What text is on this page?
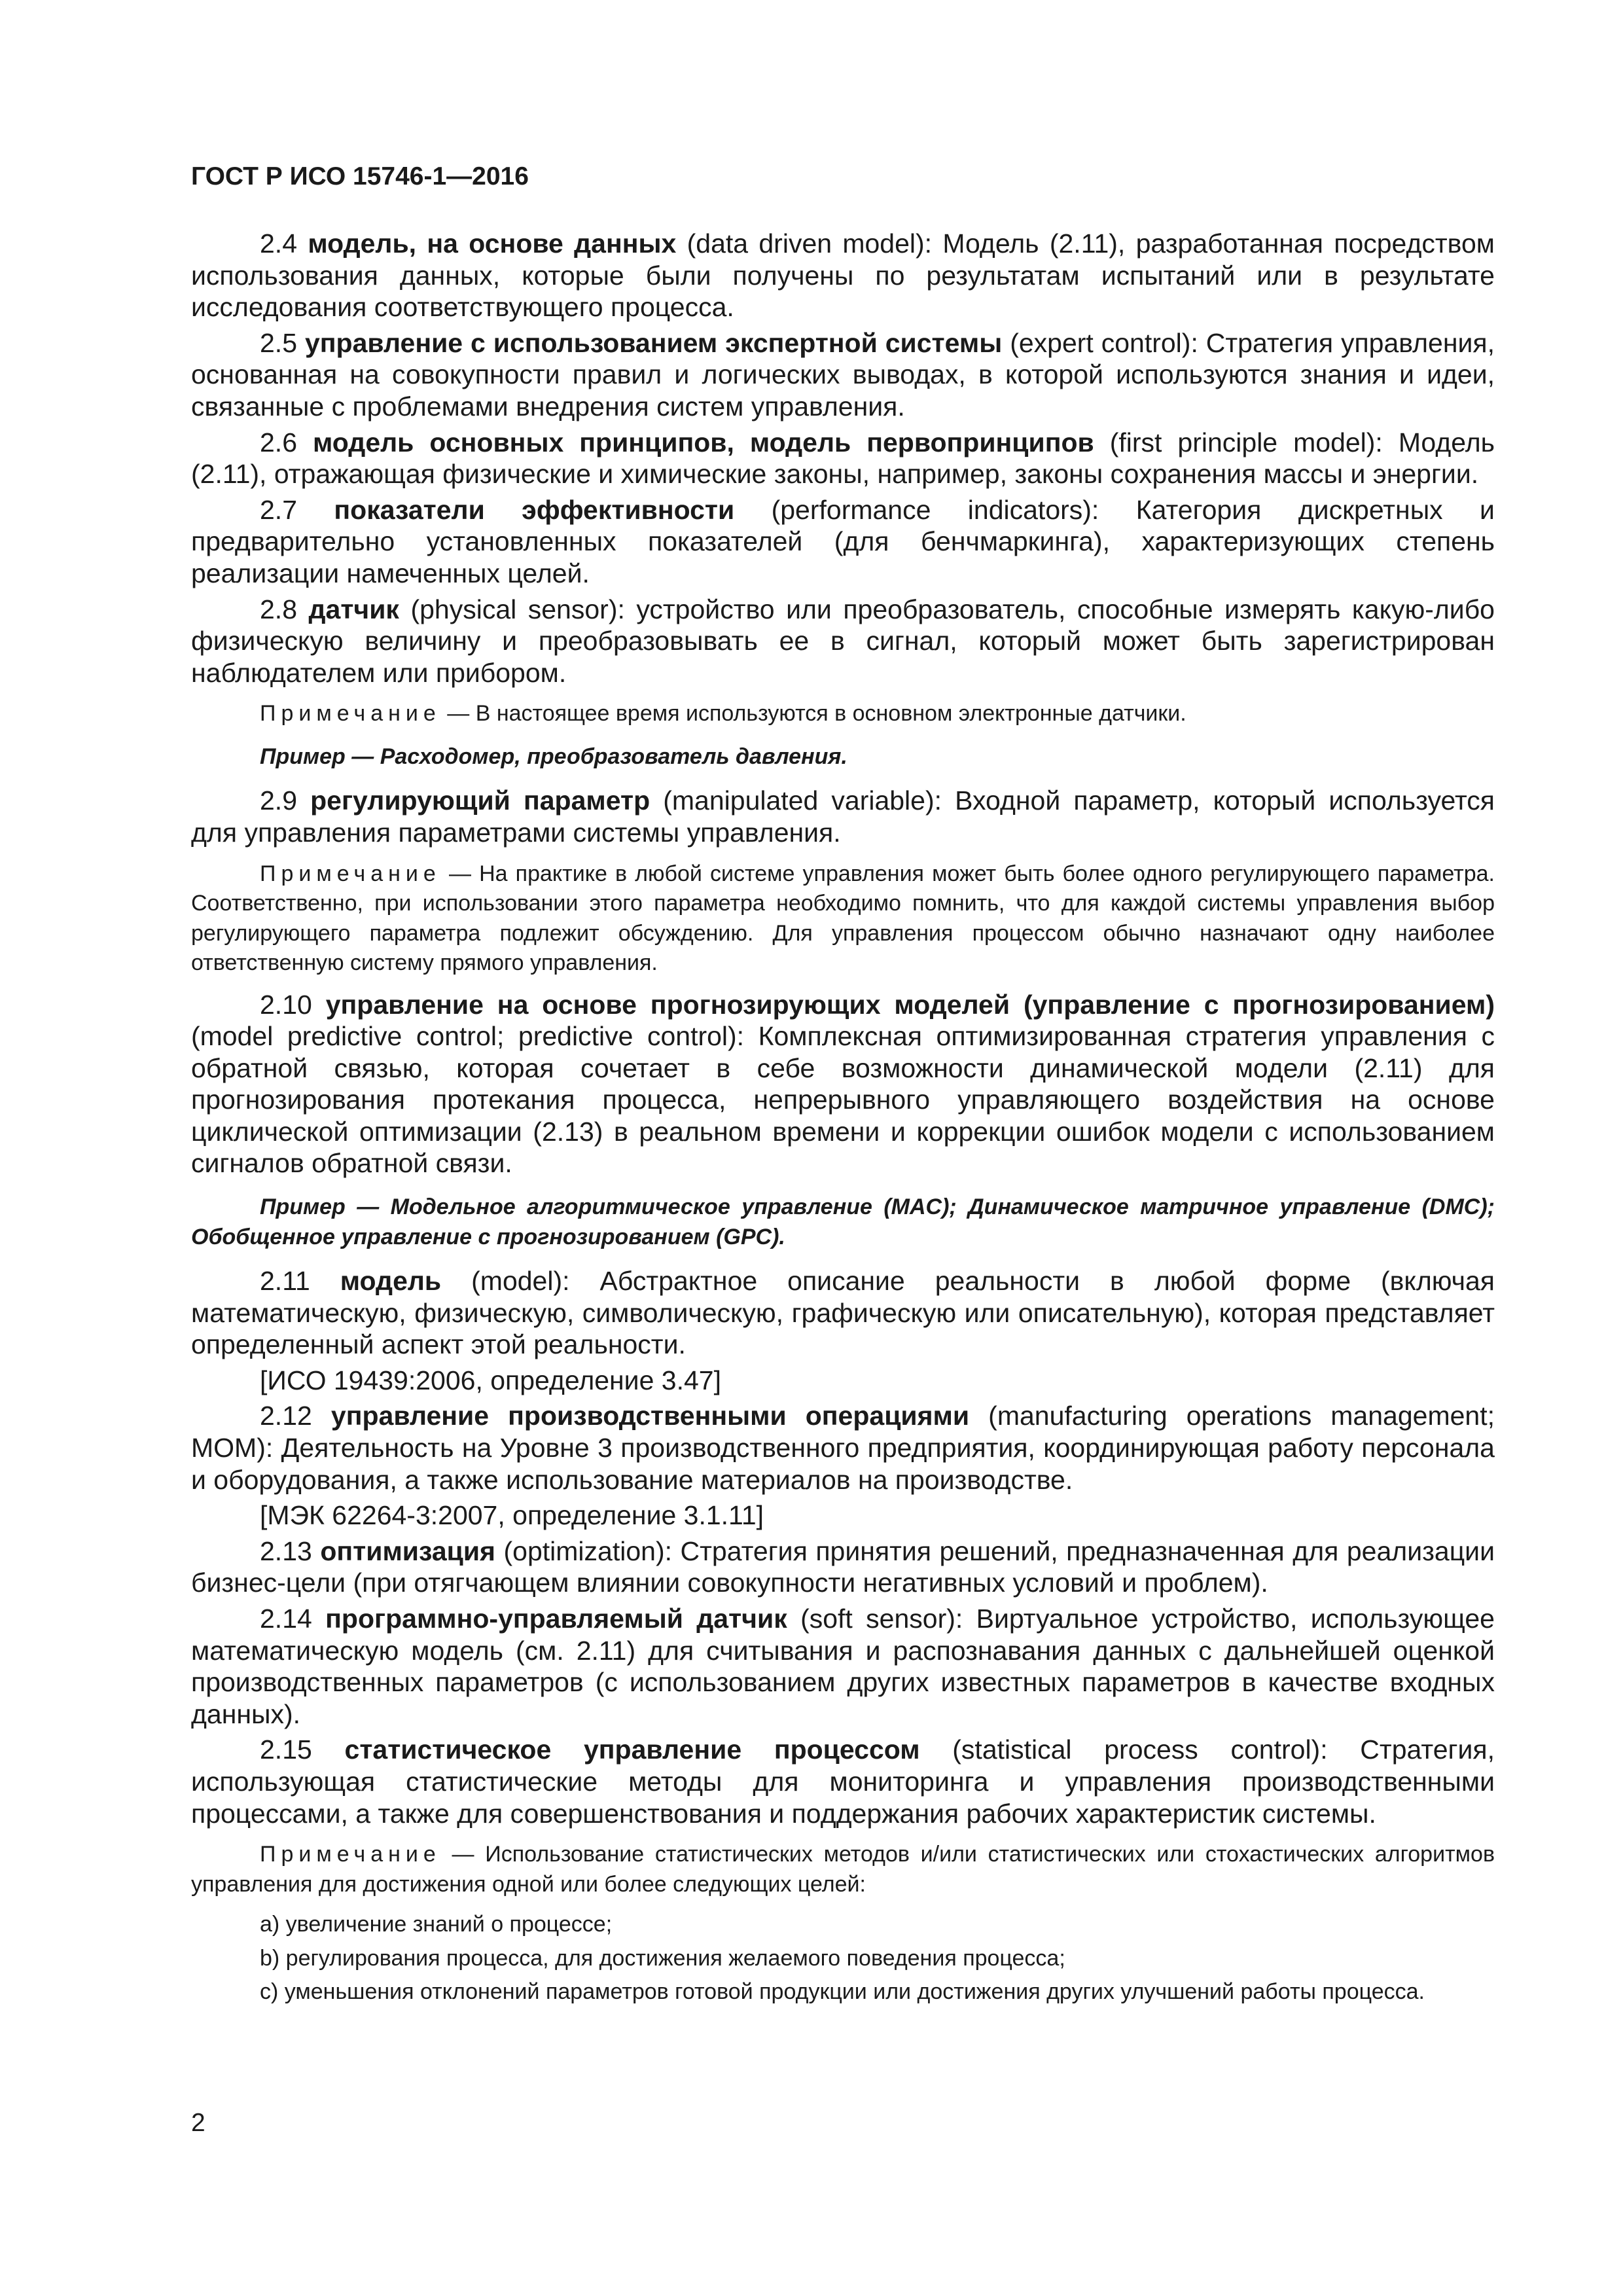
ГОСТ Р ИСО 15746-1—2016

2.4 модель, на основе данных (data driven model): Модель (2.11), разработанная посредством использования данных, которые были получены по результатам испытаний или в результате исследования соответствующего процесса.

2.5 управление с использованием экспертной системы (expert control): Стратегия управления, основанная на совокупности правил и логических выводах, в которой используются знания и идеи, связанные с проблемами внедрения систем управления.

2.6 модель основных принципов, модель первопринципов (first principle model): Модель (2.11), отражающая физические и химические законы, например, законы сохранения массы и энергии.

2.7 показатели эффективности (performance indicators): Категория дискретных и предварительно установленных показателей (для бенчмаркинга), характеризующих степень реализации намеченных целей.

2.8 датчик (physical sensor): устройство или преобразователь, способные измерять какую-либо физическую величину и преобразовывать ее в сигнал, который может быть зарегистрирован наблюдателем или прибором.

Примечание — В настоящее время используются в основном электронные датчики.

Пример — Расходомер, преобразователь давления.

2.9 регулирующий параметр (manipulated variable): Входной параметр, который используется для управления параметрами системы управления.

Примечание — На практике в любой системе управления может быть более одного регулирующего параметра. Соответственно, при использовании этого параметра необходимо помнить, что для каждой системы управления выбор регулирующего параметра подлежит обсуждению. Для управления процессом обычно назначают одну наиболее ответственную систему прямого управления.

2.10 управление на основе прогнозирующих моделей (управление с прогнозированием) (model predictive control; predictive control): Комплексная оптимизированная стратегия управления с обратной связью, которая сочетает в себе возможности динамической модели (2.11) для прогнозирования протекания процесса, непрерывного управляющего воздействия на основе циклической оптимизации (2.13) в реальном времени и коррекции ошибок модели с использованием сигналов обратной связи.

Пример — Модельное алгоритмическое управление (MAC); Динамическое матричное управление (DMC); Обобщенное управление с прогнозированием (GPC).

2.11 модель (model): Абстрактное описание реальности в любой форме (включая математическую, физическую, символическую, графическую или описательную), которая представляет определенный аспект этой реальности.

[ИСО 19439:2006, определение 3.47]

2.12 управление производственными операциями (manufacturing operations management; MOM): Деятельность на Уровне 3 производственного предприятия, координирующая работу персонала и оборудования, а также использование материалов на производстве.

[МЭК 62264-3:2007, определение 3.1.11]

2.13 оптимизация (optimization): Стратегия принятия решений, предназначенная для реализации бизнес-цели (при отягчающем влиянии совокупности негативных условий и проблем).

2.14 программно-управляемый датчик (soft sensor): Виртуальное устройство, использующее математическую модель (см. 2.11) для считывания и распознавания данных с дальнейшей оценкой производственных параметров (с использованием других известных параметров в качестве входных данных).

2.15 статистическое управление процессом (statistical process control): Стратегия, использующая статистические методы для мониторинга и управления производственными процессами, а также для совершенствования и поддержания рабочих характеристик системы.

Примечание — Использование статистических методов и/или статистических или стохастических алгоритмов управления для достижения одной или более следующих целей:

a) увеличение знаний о процессе;

b) регулирования процесса, для достижения желаемого поведения процесса;

c) уменьшения отклонений параметров готовой продукции или достижения других улучшений работы процесса.

2
